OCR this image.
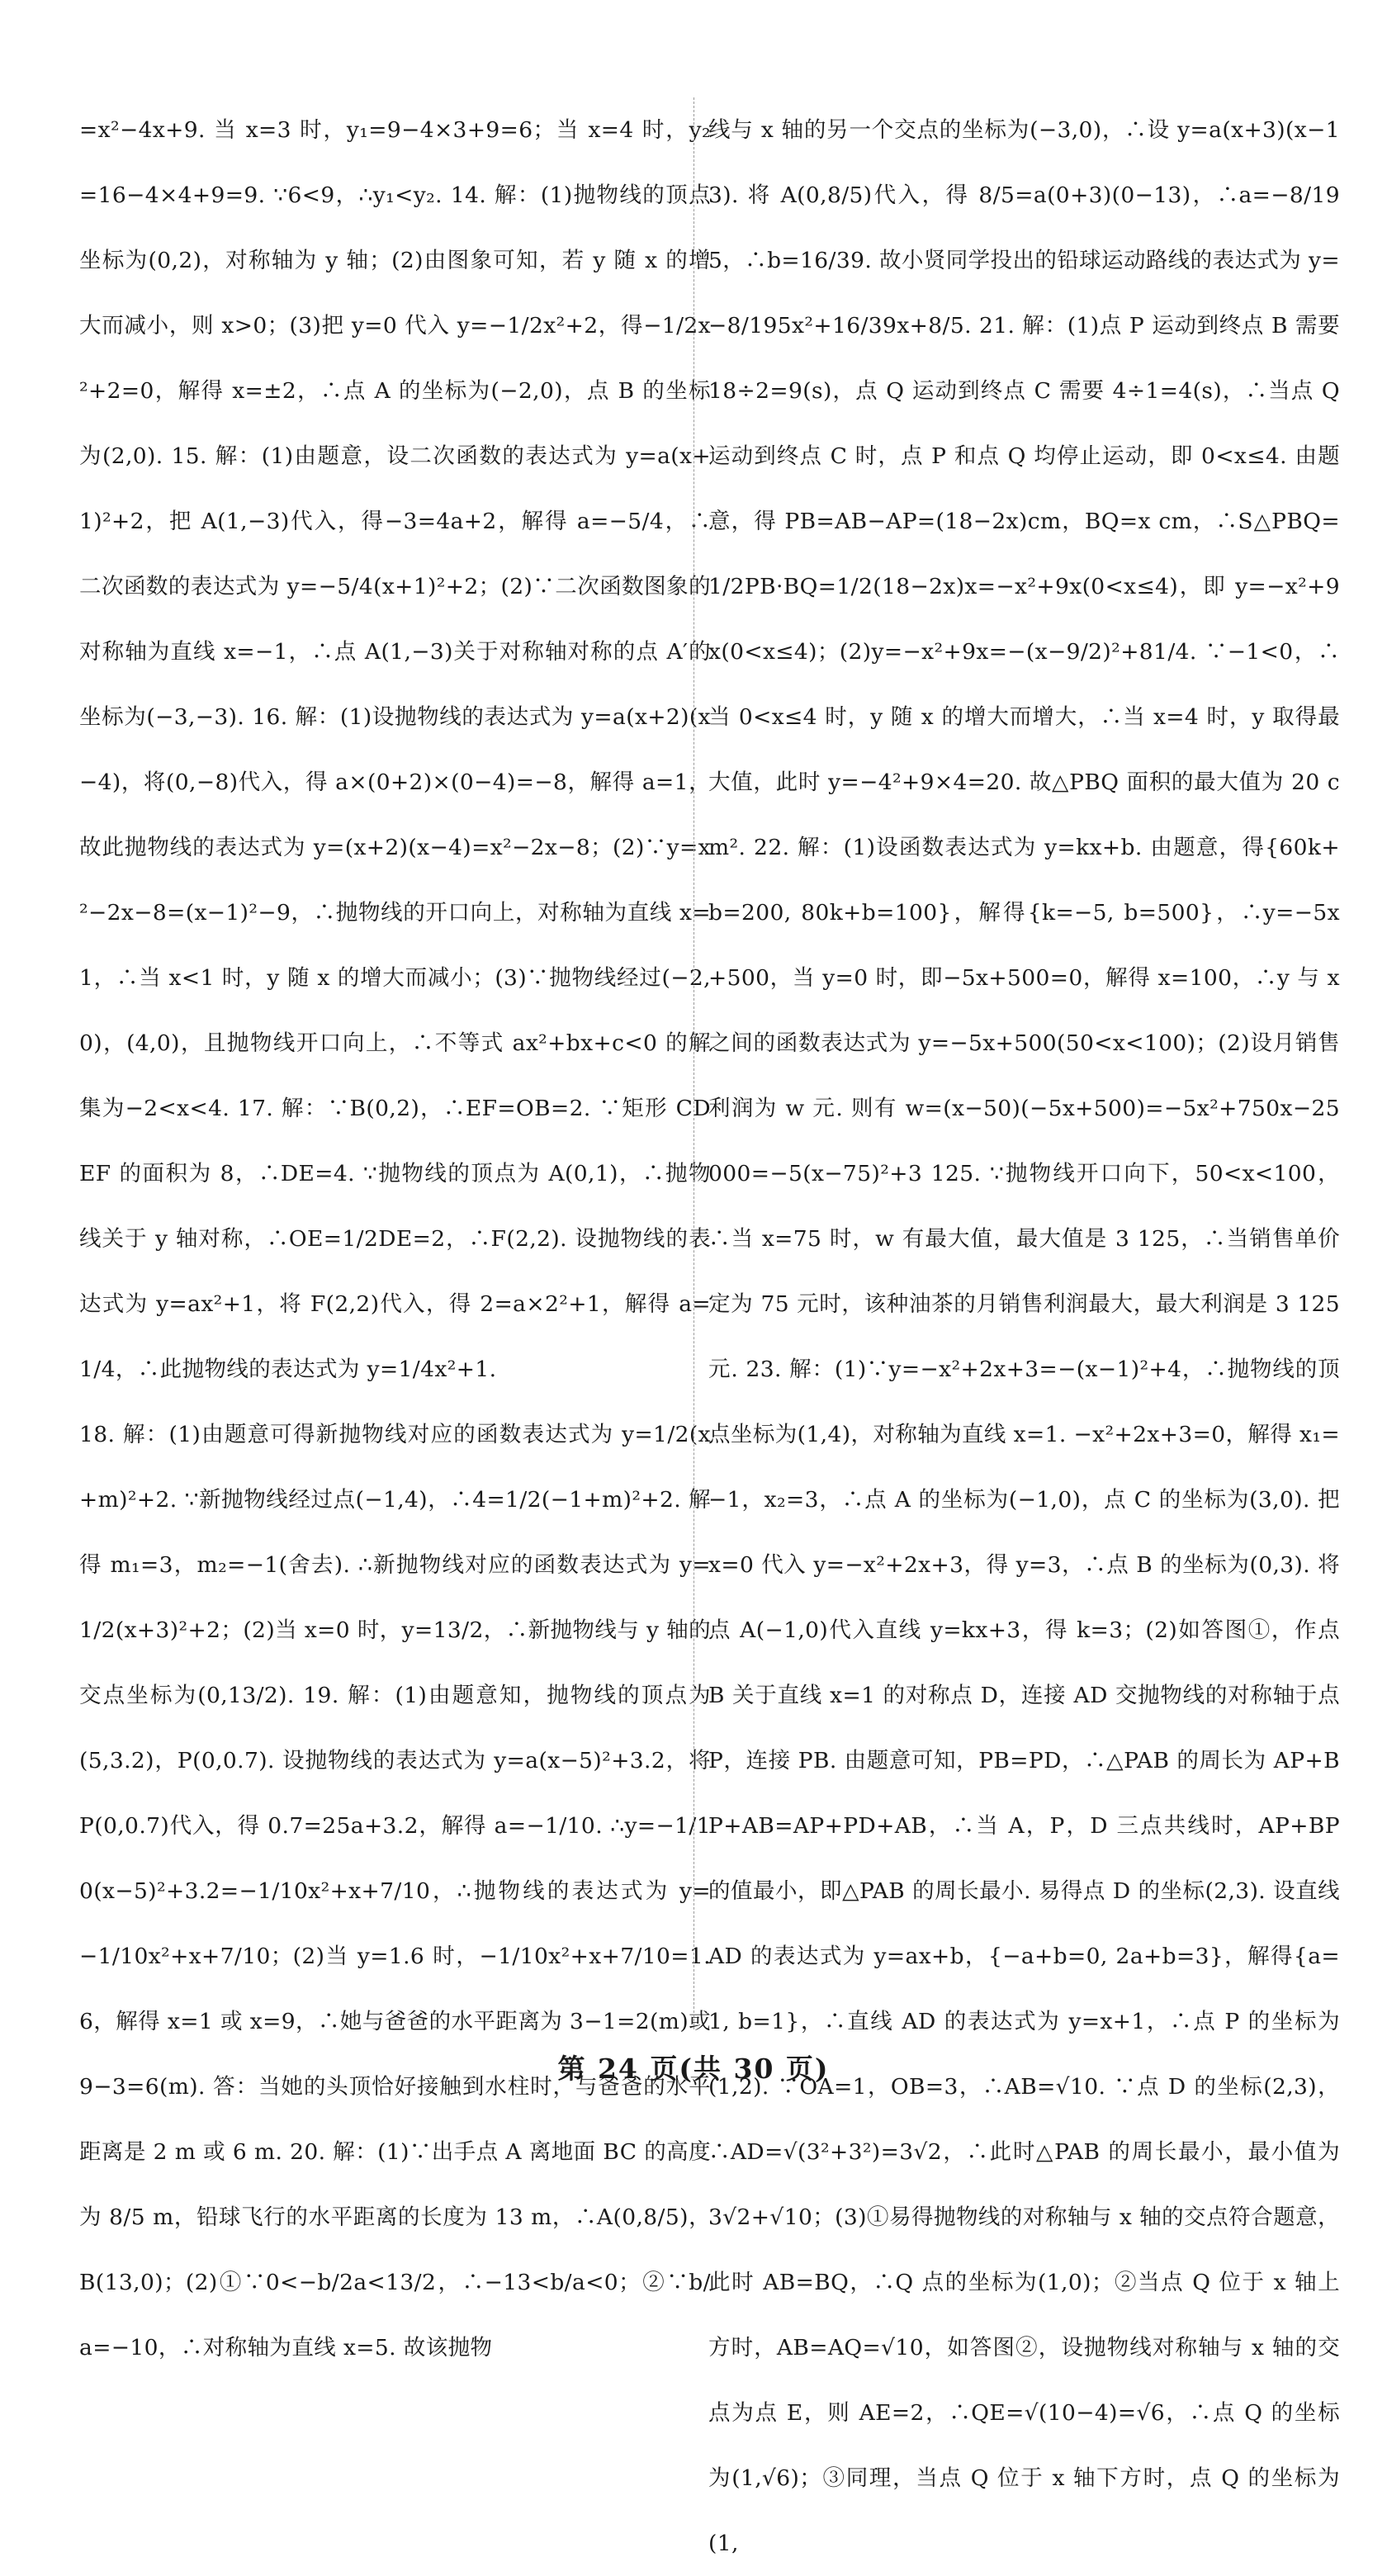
=x²−4x+9. 当 x=3 时，y₁=9−4×3+9=6；当 x=4 时，y₂=16−4×4+9=9. ∵6<9，∴y₁<y₂. 14. 解：(1)抛物线的顶点坐标为(0,2)，对称轴为 y 轴；(2)由图象可知，若 y 随 x 的增大而减小，则 x>0；(3)把 y=0 代入 y=−1/2x²+2，得−1/2x²+2=0，解得 x=±2，∴点 A 的坐标为(−2,0)，点 B 的坐标为(2,0). 15. 解：(1)由题意，设二次函数的表达式为 y=a(x+1)²+2，把 A(1,−3)代入，得−3=4a+2，解得 a=−5/4，∴二次函数的表达式为 y=−5/4(x+1)²+2；(2)∵二次函数图象的对称轴为直线 x=−1，∴点 A(1,−3)关于对称轴对称的点 A′的坐标为(−3,−3). 16. 解：(1)设抛物线的表达式为 y=a(x+2)(x−4)，将(0,−8)代入，得 a×(0+2)×(0−4)=−8，解得 a=1，故此抛物线的表达式为 y=(x+2)(x−4)=x²−2x−8；(2)∵y=x²−2x−8=(x−1)²−9，∴抛物线的开口向上，对称轴为直线 x=1，∴当 x<1 时，y 随 x 的增大而减小；(3)∵抛物线经过(−2,0)，(4,0)，且抛物线开口向上，∴不等式 ax²+bx+c<0 的解集为−2<x<4. 17. 解：∵B(0,2)，∴EF=OB=2. ∵矩形 CDEF 的面积为 8，∴DE=4. ∵抛物线的顶点为 A(0,1)，∴抛物线关于 y 轴对称，∴OE=1/2DE=2，∴F(2,2). 设抛物线的表达式为 y=ax²+1，将 F(2,2)代入，得 2=a×2²+1，解得 a=1/4，∴此抛物线的表达式为 y=1/4x²+1.

18. 解：(1)由题意可得新抛物线对应的函数表达式为 y=1/2(x+m)²+2. ∵新抛物线经过点(−1,4)，∴4=1/2(−1+m)²+2. 解得 m₁=3，m₂=−1(舍去). ∴新抛物线对应的函数表达式为 y=1/2(x+3)²+2；(2)当 x=0 时，y=13/2，∴新抛物线与 y 轴的交点坐标为(0,13/2). 19. 解：(1)由题意知，抛物线的顶点为(5,3.2)，P(0,0.7). 设抛物线的表达式为 y=a(x−5)²+3.2，将 P(0,0.7)代入，得 0.7=25a+3.2，解得 a=−1/10. ∴y=−1/10(x−5)²+3.2=−1/10x²+x+7/10，∴抛物线的表达式为 y=−1/10x²+x+7/10；(2)当 y=1.6 时，−1/10x²+x+7/10=1.6，解得 x=1 或 x=9，∴她与爸爸的水平距离为 3−1=2(m)或 9−3=6(m). 答：当她的头顶恰好接触到水柱时，与爸爸的水平距离是 2 m 或 6 m. 20. 解：(1)∵出手点 A 离地面 BC 的高度为 8/5 m，铅球飞行的水平距离的长度为 13 m，∴A(0,8/5)，B(13,0)；(2)①∵0<−b/2a<13/2，∴−13<b/a<0；②∵b/a=−10，∴对称轴为直线 x=5. 故该抛物

线与 x 轴的另一个交点的坐标为(−3,0)，∴设 y=a(x+3)(x−13). 将 A(0,8/5)代入，得 8/5=a(0+3)(0−13)，∴a=−8/195，∴b=16/39. 故小贤同学投出的铅球运动路线的表达式为 y=−8/195x²+16/39x+8/5. 21. 解：(1)点 P 运动到终点 B 需要 18÷2=9(s)，点 Q 运动到终点 C 需要 4÷1=4(s)，∴当点 Q 运动到终点 C 时，点 P 和点 Q 均停止运动，即 0<x≤4. 由题意，得 PB=AB−AP=(18−2x)cm，BQ=x cm，∴S△PBQ=1/2PB·BQ=1/2(18−2x)x=−x²+9x(0<x≤4)，即 y=−x²+9x(0<x≤4)；(2)y=−x²+9x=−(x−9/2)²+81/4. ∵−1<0，∴当 0<x≤4 时，y 随 x 的增大而增大，∴当 x=4 时，y 取得最大值，此时 y=−4²+9×4=20. 故△PBQ 面积的最大值为 20 cm². 22. 解：(1)设函数表达式为 y=kx+b. 由题意，得{60k+b=200, 80k+b=100}，解得{k=−5, b=500}，∴y=−5x+500，当 y=0 时，即−5x+500=0，解得 x=100，∴y 与 x 之间的函数表达式为 y=−5x+500(50<x<100)；(2)设月销售利润为 w 元. 则有 w=(x−50)(−5x+500)=−5x²+750x−25 000=−5(x−75)²+3 125. ∵抛物线开口向下，50<x<100，∴当 x=75 时，w 有最大值，最大值是 3 125，∴当销售单价定为 75 元时，该种油茶的月销售利润最大，最大利润是 3 125 元. 23. 解：(1)∵y=−x²+2x+3=−(x−1)²+4，∴抛物线的顶点坐标为(1,4)，对称轴为直线 x=1. −x²+2x+3=0，解得 x₁=−1，x₂=3，∴点 A 的坐标为(−1,0)，点 C 的坐标为(3,0). 把 x=0 代入 y=−x²+2x+3，得 y=3，∴点 B 的坐标为(0,3). 将点 A(−1,0)代入直线 y=kx+3，得 k=3；(2)如答图①，作点 B 关于直线 x=1 的对称点 D，连接 AD 交抛物线的对称轴于点 P，连接 PB. 由题意可知，PB=PD，∴△PAB 的周长为 AP+BP+AB=AP+PD+AB，∴当 A，P，D 三点共线时，AP+BP 的值最小，即△PAB 的周长最小. 易得点 D 的坐标(2,3). 设直线 AD 的表达式为 y=ax+b，{−a+b=0, 2a+b=3}，解得{a=1, b=1}，∴直线 AD 的表达式为 y=x+1，∴点 P 的坐标为(1,2). ∵OA=1，OB=3，∴AB=√10. ∵点 D 的坐标(2,3)，∴AD=√(3²+3²)=3√2，∴此时△PAB 的周长最小，最小值为 3√2+√10；(3)①易得抛物线的对称轴与 x 轴的交点符合题意，此时 AB=BQ，∴Q 点的坐标为(1,0)；②当点 Q 位于 x 轴上方时，AB=AQ=√10，如答图②，设抛物线对称轴与 x 轴的交点为点 E，则 AE=2，∴QE=√(10−4)=√6，∴点 Q 的坐标为(1,√6)；③同理，当点 Q 位于 x 轴下方时，点 Q 的坐标为(1,

第 24 页(共 30 页)
